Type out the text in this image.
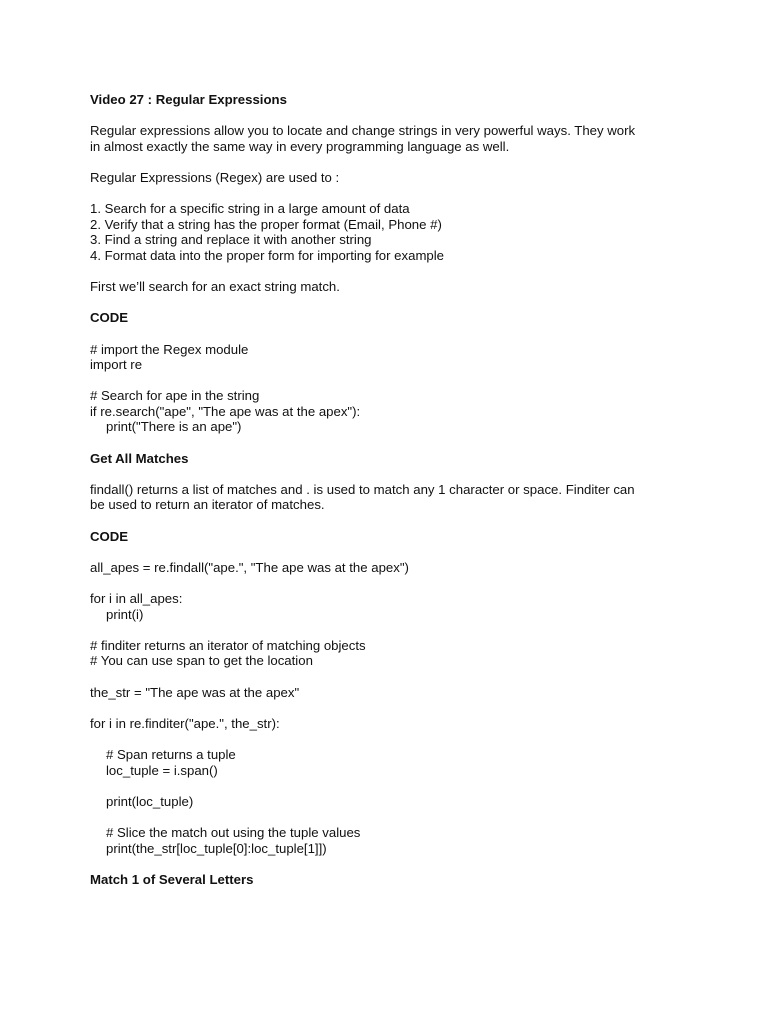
Video 27 : Regular Expressions
Regular expressions allow you to locate and change strings in very powerful ways. They work
in almost exactly the same way in every programming language as well.
Regular Expressions (Regex) are used to :
1. Search for a specific string in a large amount of data
2. Verify that a string has the proper format (Email, Phone #)
3. Find a string and replace it with another string
4. Format data into the proper form for importing for example
First we’ll search for an exact string match.
CODE
# import the Regex module
import re
# Search for ape in the string
if re.search("ape", "The ape was at the apex"):
print("There is an ape")
Get All Matches
findall() returns a list of matches and . is used to match any 1 character or space. Finditer can
be used to return an iterator of matches.
CODE
all_apes = re.findall("ape.", "The ape was at the apex")
for i in all_apes:
print(i)
# finditer returns an iterator of matching objects
# You can use span to get the location
the_str = "The ape was at the apex"
for i in re.finditer("ape.", the_str):
# Span returns a tuple
loc_tuple = i.span()
print(loc_tuple)
# Slice the match out using the tuple values
print(the_str[loc_tuple[0]:loc_tuple[1]])
Match 1 of Several Letters
